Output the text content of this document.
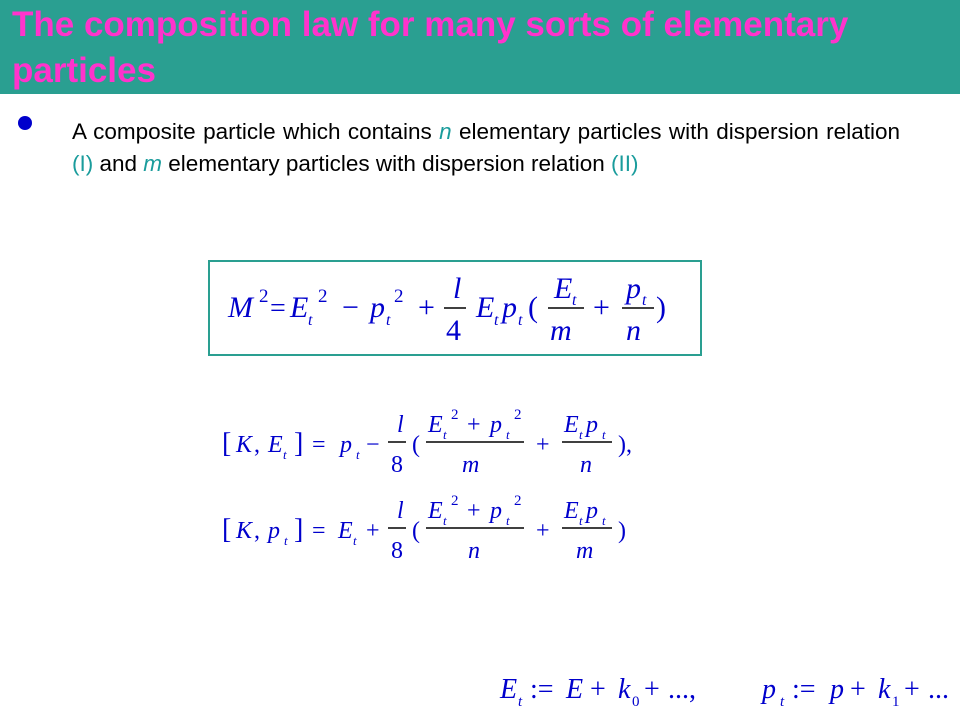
The composition law for many sorts of elementary particles

A composite particle which contains n elementary particles with dispersion relation (I) and m elementary particles with dispersion relation (II)

M 2 = E t
2 − p t
2 +
l
4
E t p t (
E t
m
+
p t
n
)
[ K , E t ] = p t −
l
8
(
E t
2 + p t
2
m
+
E t p t
n
),
[ K , p t ] = E t +
l
8
(
E t
2 + p t
2
n
+
E t p t
m
)
E t := E + k 0 + ..., p t := p + k 1 + ...
